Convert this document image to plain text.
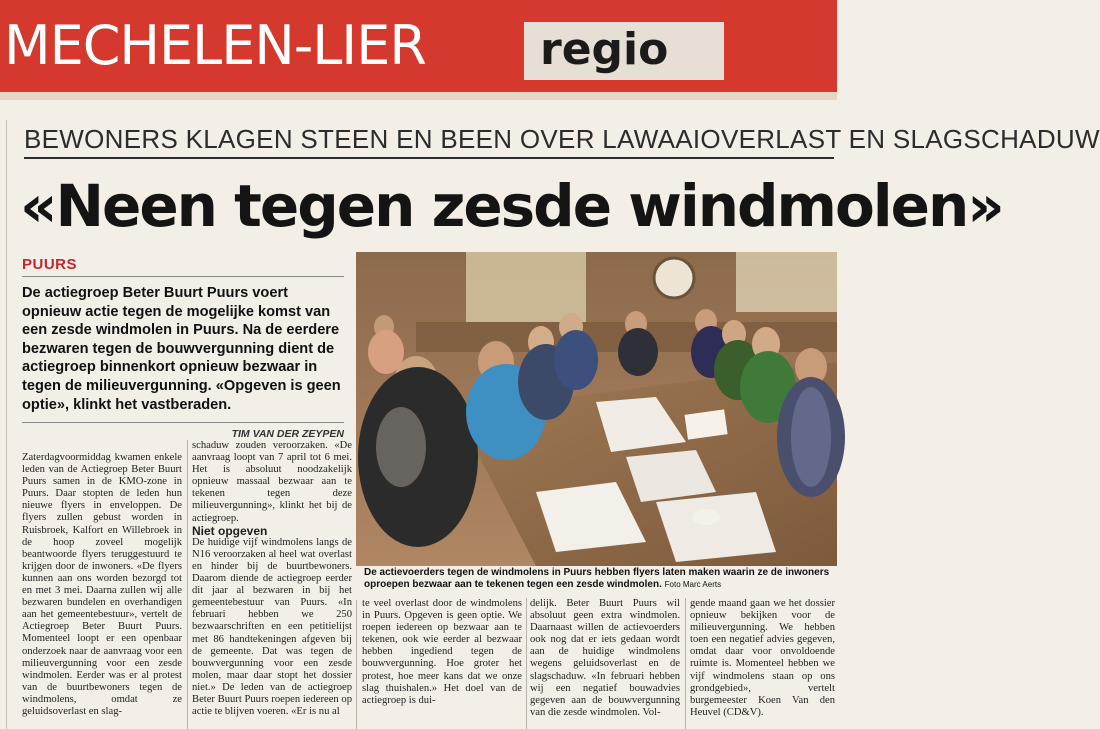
MECHELEN-LIER	regio
BEWONERS KLAGEN STEEN EN BEEN OVER LAWAAIOVERLAST EN SLAGSCHADUW
«Neen tegen zesde windmolen»
PUURS
De actiegroep Beter Buurt Puurs voert opnieuw actie tegen de mogelijke komst van een zesde windmolen in Puurs. Na de eerdere bezwaren tegen de bouwvergunning dient de actiegroep binnenkort opnieuw bezwaar in tegen de milieuvergunning. «Opgeven is geen optie», klinkt het vastberaden.
TIM VAN DER ZEYPEN

Zaterdagvoormiddag kwamen enkele leden van de Actiegroep Beter Buurt Puurs samen in de KMO-zone in Puurs. Daar stopten de leden hun nieuwe flyers in enveloppen. De flyers zullen gebust worden in Ruisbroek, Kalfort en Willebroek in de hoop zoveel mogelijk beantwoorde flyers teruggestuurd te krijgen door de inwoners. «De flyers kunnen aan ons worden bezorgd tot en met 3 mei. Daarna zullen wij alle bezwaren bundelen en overhandigen aan het gemeentebestuur», vertelt de Actiegroep Beter Buurt Puurs. Momenteel loopt er een openbaar onderzoek naar de aanvraag voor een milieuvergunning voor een zesde windmolen. Eerder was er al protest van de buurtbewoners tegen de windmolens, omdat ze geluidsoverlast en slag-

schaduw zouden veroorzaken. «De aanvraag loopt van 7 april tot 6 mei. Het is absoluut noodzakelijk opnieuw massaal bezwaar aan te tekenen tegen deze milieuvergunning», klinkt het bij de actiegroep.

Niet opgeven

De huidige vijf windmolens langs de N16 veroorzaken al heel wat overlast en hinder bij de buurtbewoners. Daarom diende de actiegroep eerder dit jaar al bezwaren in bij het gemeentebestuur van Puurs. «In februari hebben we 250 bezwaarschriften en een petitielijst met 86 handtekeningen afgeven bij de gemeente. Dat was tegen de bouwvergunning voor een zesde molen, maar daar stopt het dossier niet.» De leden van de actiegroep Beter Buurt Puurs roepen iedereen op actie te blijven voeren. «Er is nu al

De actievoerders tegen de windmolens in Puurs hebben flyers laten maken waarin ze de inwoners oproepen bezwaar aan te tekenen tegen een zesde windmolen. Foto Marc Aerts

te veel overlast door de windmolens in Puurs. Opgeven is geen optie. We roepen iedereen op bezwaar aan te tekenen, ook wie eerder al bezwaar hebben ingediend tegen de bouwvergunning. Hoe groter het protest, hoe meer kans dat we onze slag thuishalen.» Het doel van de actiegroep is dui-

delijk. Beter Buurt Puurs wil absoluut geen extra windmolen. Daarnaast willen de actievoerders ook nog dat er iets gedaan wordt aan de huidige windmolens wegens geluidsoverlast en de slagschaduw. «In februari hebben wij een negatief bouwadvies gegeven aan de bouwvergunning van die zesde windmolen. Vol-

gende maand gaan we het dossier opnieuw bekijken voor de milieuvergunning. We hebben toen een negatief advies gegeven, omdat daar voor onvoldoende ruimte is. Momenteel hebben we vijf windmolens staan op ons grondgebied», vertelt burgemeester Koen Van den Heuvel (CD&V).
